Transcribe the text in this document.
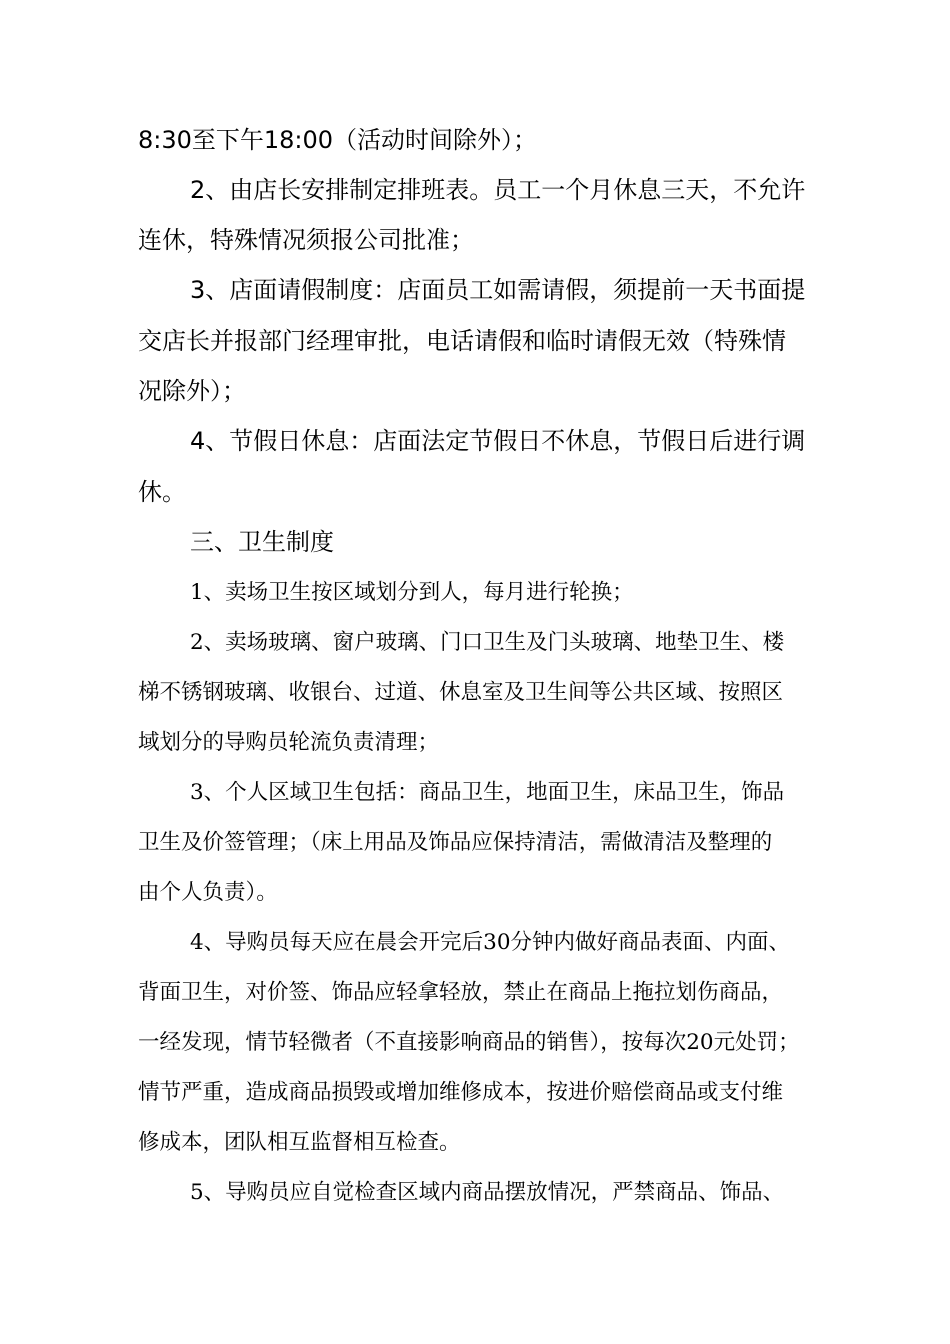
8:30至下午18:00（活动时间除外）；
2、由店长安排制定排班表。员工一个月休息三天，不允许
连休，特殊情况须报公司批准；
3、店面请假制度：店面员工如需请假，须提前一天书面提
交店长并报部门经理审批，电话请假和临时请假无效（特殊情
况除外）；
4、节假日休息：店面法定节假日不休息，节假日后进行调
休。
三、卫生制度
1、卖场卫生按区域划分到人，每月进行轮换；
2、卖场玻璃、窗户玻璃、门口卫生及门头玻璃、地垫卫生、楼
梯不锈钢玻璃、收银台、过道、休息室及卫生间等公共区域、按照区
域划分的导购员轮流负责清理；
3、个人区域卫生包括：商品卫生，地面卫生，床品卫生，饰品
卫生及价签管理；（床上用品及饰品应保持清洁，需做清洁及整理的
由个人负责）。
4、导购员每天应在晨会开完后30分钟内做好商品表面、内面、
背面卫生，对价签、饰品应轻拿轻放，禁止在商品上拖拉划伤商品，
一经发现，情节轻微者（不直接影响商品的销售），按每次20元处罚；
情节严重，造成商品损毁或增加维修成本，按进价赔偿商品或支付维
修成本，团队相互监督相互检查。
5、导购员应自觉检查区域内商品摆放情况，严禁商品、饰品、
